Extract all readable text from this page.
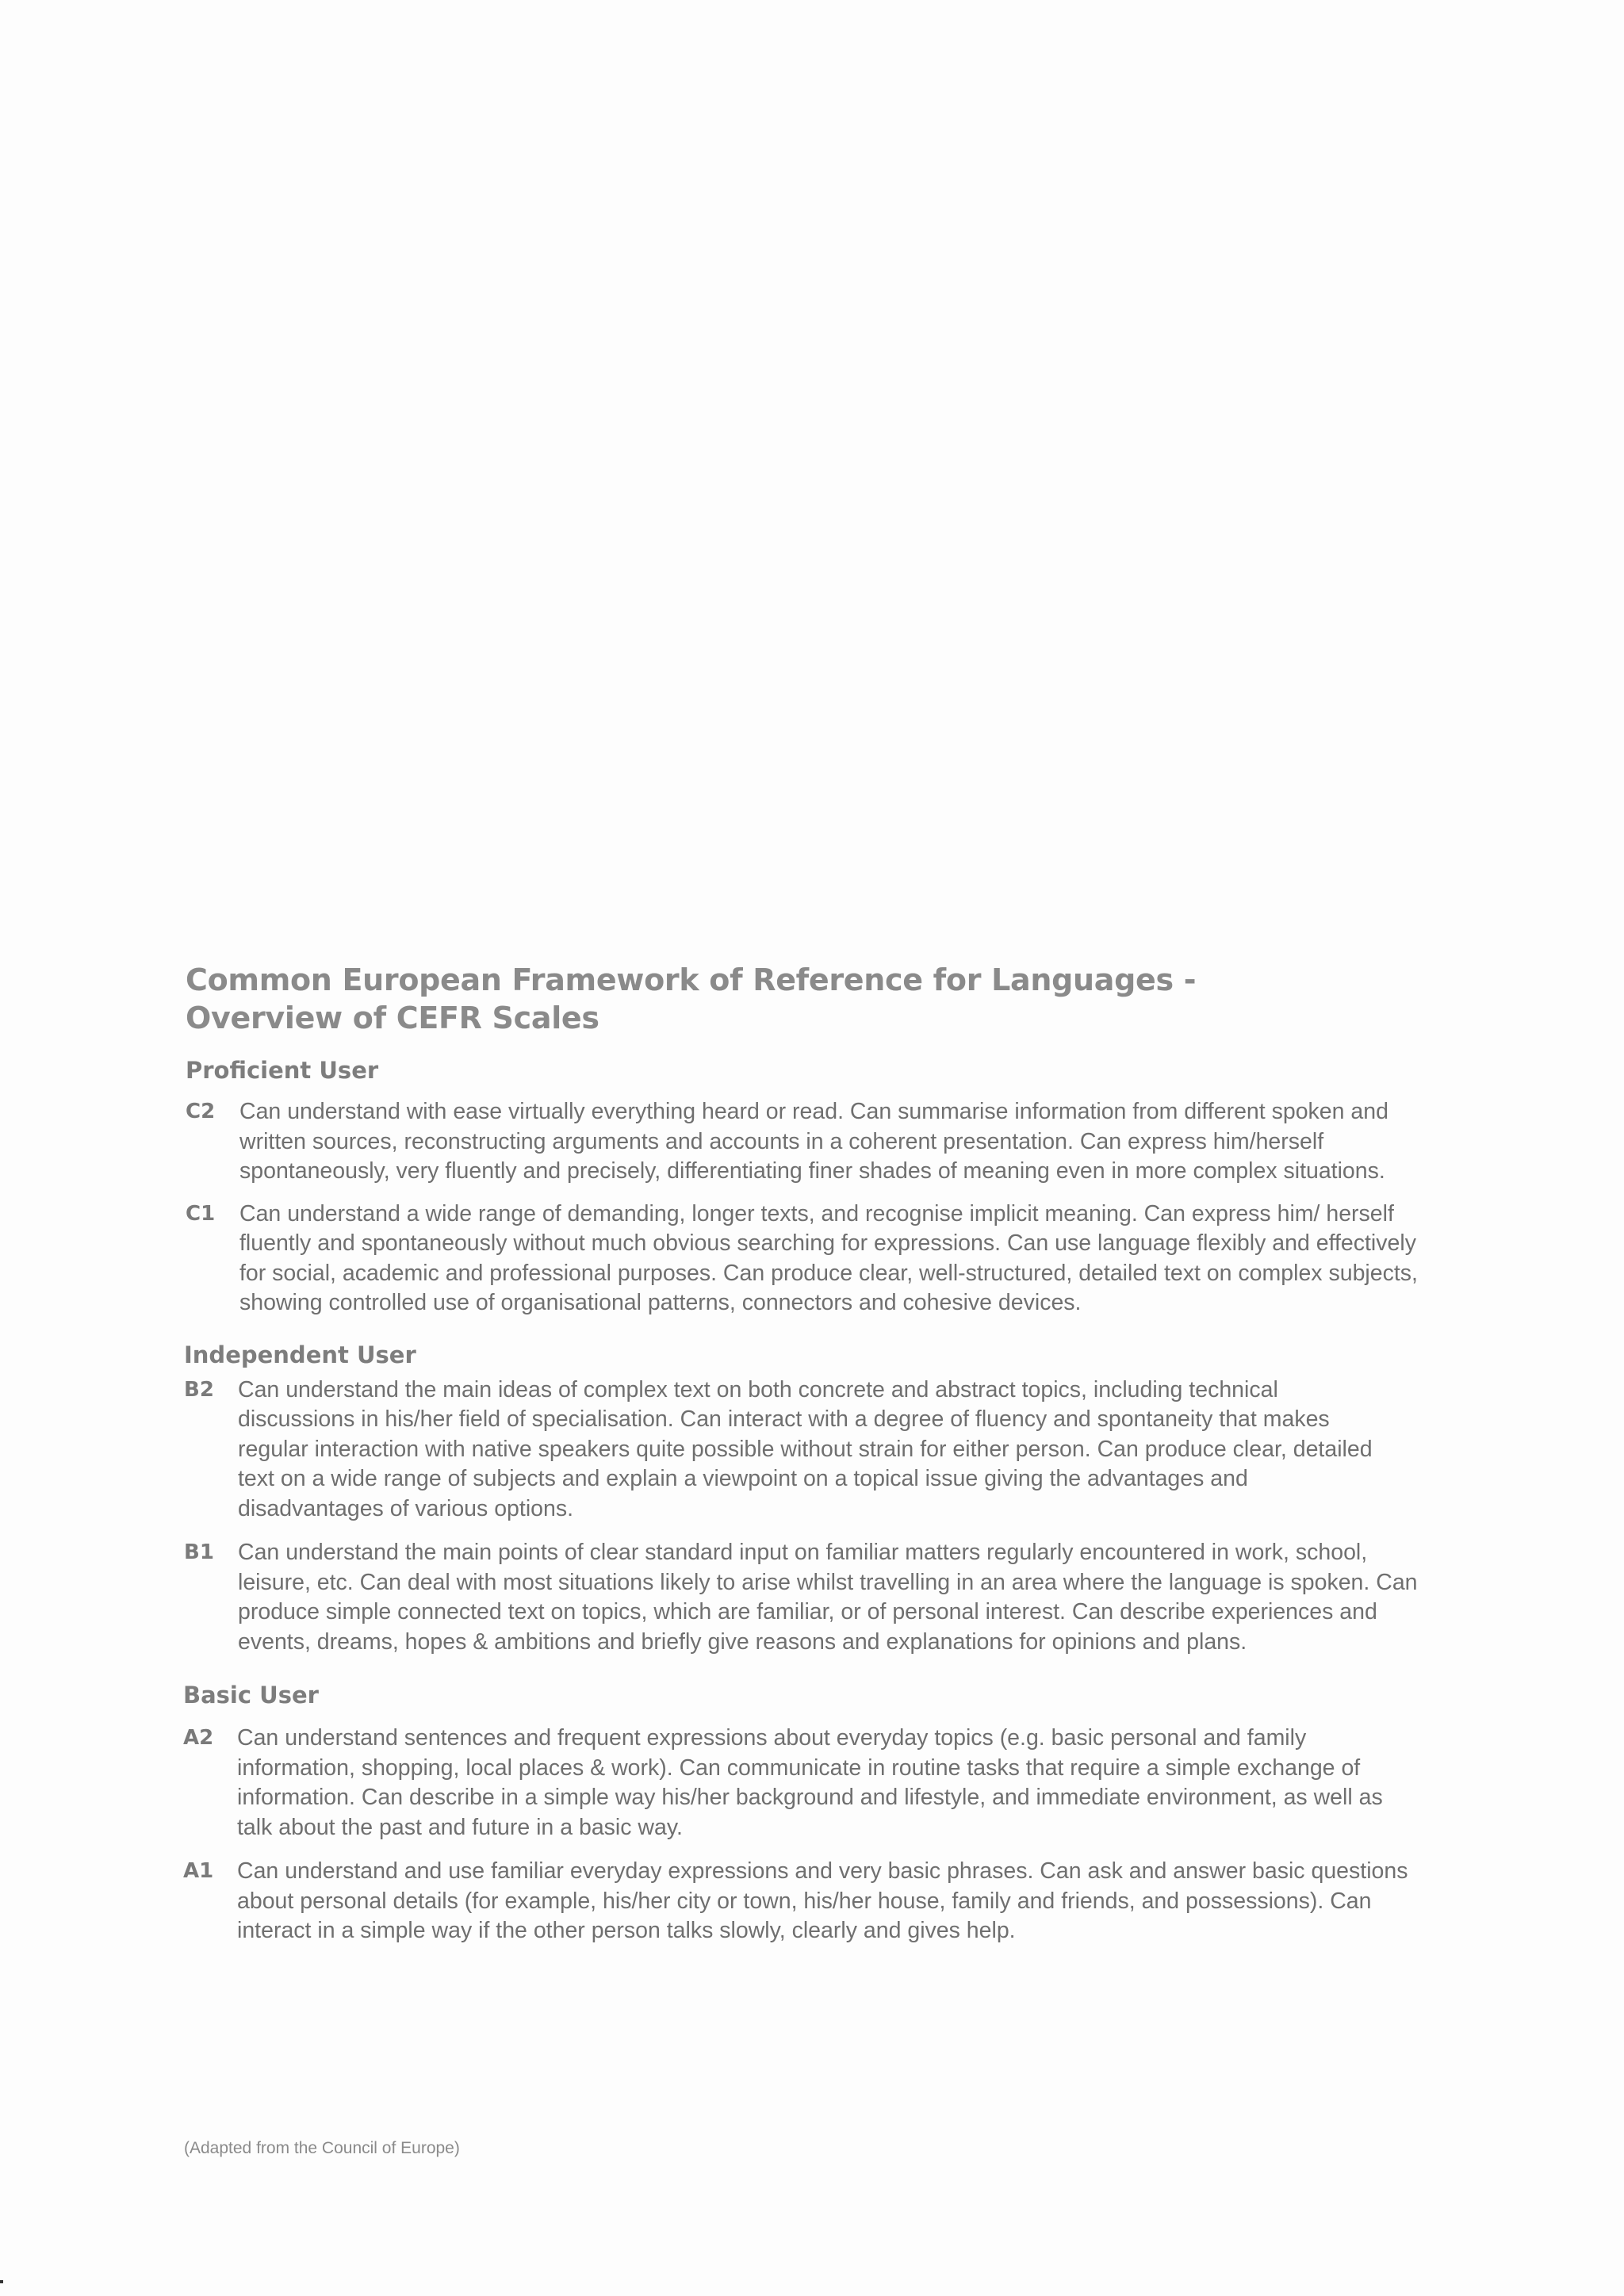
Common European Framework of Reference for Languages -
Overview of CEFR Scales
Proficient User
C2	Can understand with ease virtually everything heard or read. Can summarise information from different spoken and written sources, reconstructing arguments and accounts in a coherent presentation. Can express him/herself spontaneously, very fluently and precisely, differentiating finer shades of meaning even in more complex situations.

C1	Can understand a wide range of demanding, longer texts, and recognise implicit meaning. Can express him/ herself fluently and spontaneously without much obvious searching for expressions. Can use language flexibly and effectively for social, academic and professional purposes. Can produce clear, well-structured, detailed text on complex subjects, showing controlled use of organisational patterns, connectors and cohesive devices.

Independent User
B2	Can understand the main ideas of complex text on both concrete and abstract topics, including technical discussions in his/her field of specialisation. Can interact with a degree of fluency and spontaneity that makes regular interaction with native speakers quite possible without strain for either person. Can produce clear, detailed text on a wide range of subjects and explain a viewpoint on a topical issue giving the advantages and disadvantages of various options.

B1	Can understand the main points of clear standard input on familiar matters regularly encountered in work, school, leisure, etc. Can deal with most situations likely to arise whilst travelling in an area where the language is spoken. Can produce simple connected text on topics, which are familiar, or of personal interest. Can describe experiences and events, dreams, hopes & ambitions and briefly give reasons and explanations for opinions and plans.

Basic User
A2	Can understand sentences and frequent expressions about everyday topics (e.g. basic personal and family information, shopping, local places & work). Can communicate in routine tasks that require a simple exchange of information. Can describe in a simple way his/her background and lifestyle, and immediate environment, as well as talk about the past and future in a basic way.

A1	Can understand and use familiar everyday expressions and very basic phrases. Can ask and answer basic questions about personal details (for example, his/her city or town, his/her house, family and friends, and possessions). Can interact in a simple way if the other person talks slowly, clearly and gives help.

(Adapted from the Council of Europe)
